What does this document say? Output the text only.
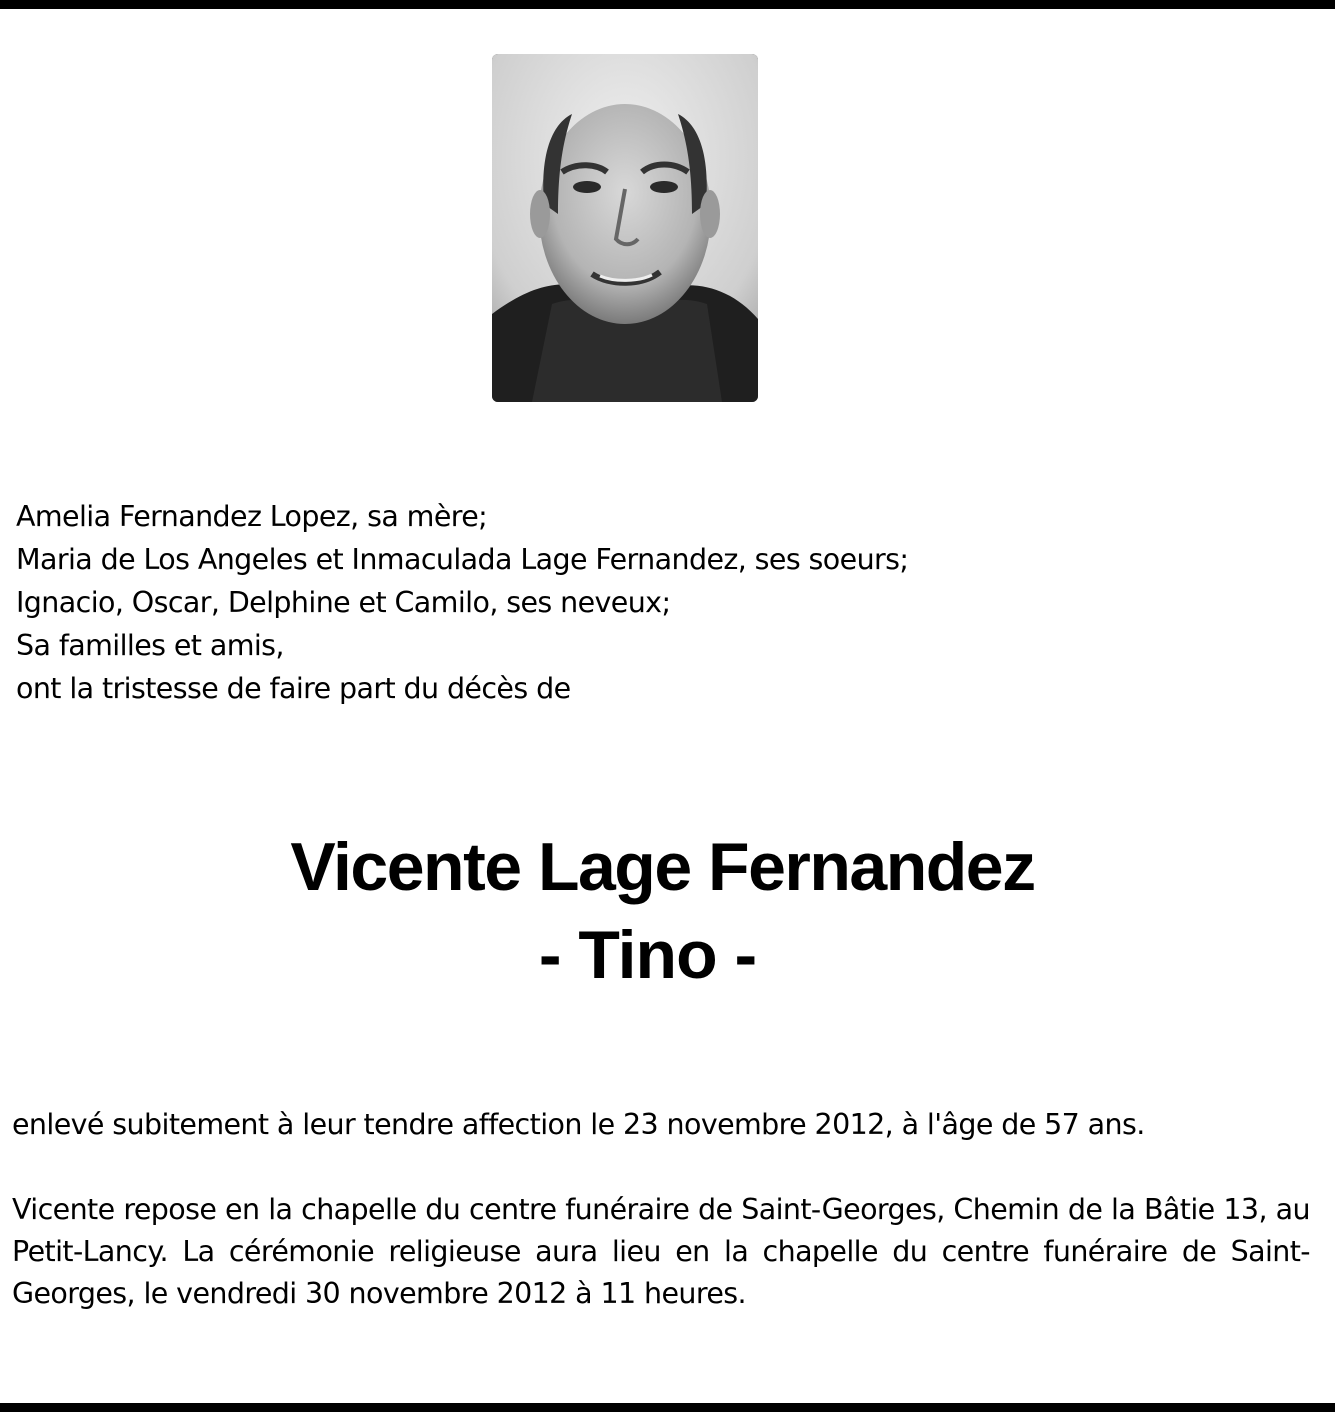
Amelia Fernandez Lopez, sa mère;
Maria de Los Angeles et Inmaculada Lage Fernandez, ses soeurs;
Ignacio, Oscar, Delphine et Camilo, ses neveux;
Sa familles et amis,
ont la tristesse de faire part du décès de
Vicente Lage Fernandez
- Tino -
enlevé subitement à leur tendre affection le 23 novembre 2012, à l'âge de 57 ans.
Vicente repose en la chapelle du centre funéraire de Saint-Georges, Chemin de la Bâtie 13, au Petit-Lancy. La cérémonie religieuse aura lieu en la chapelle du centre funéraire de Saint-Georges, le vendredi 30 novembre 2012 à 11 heures.
